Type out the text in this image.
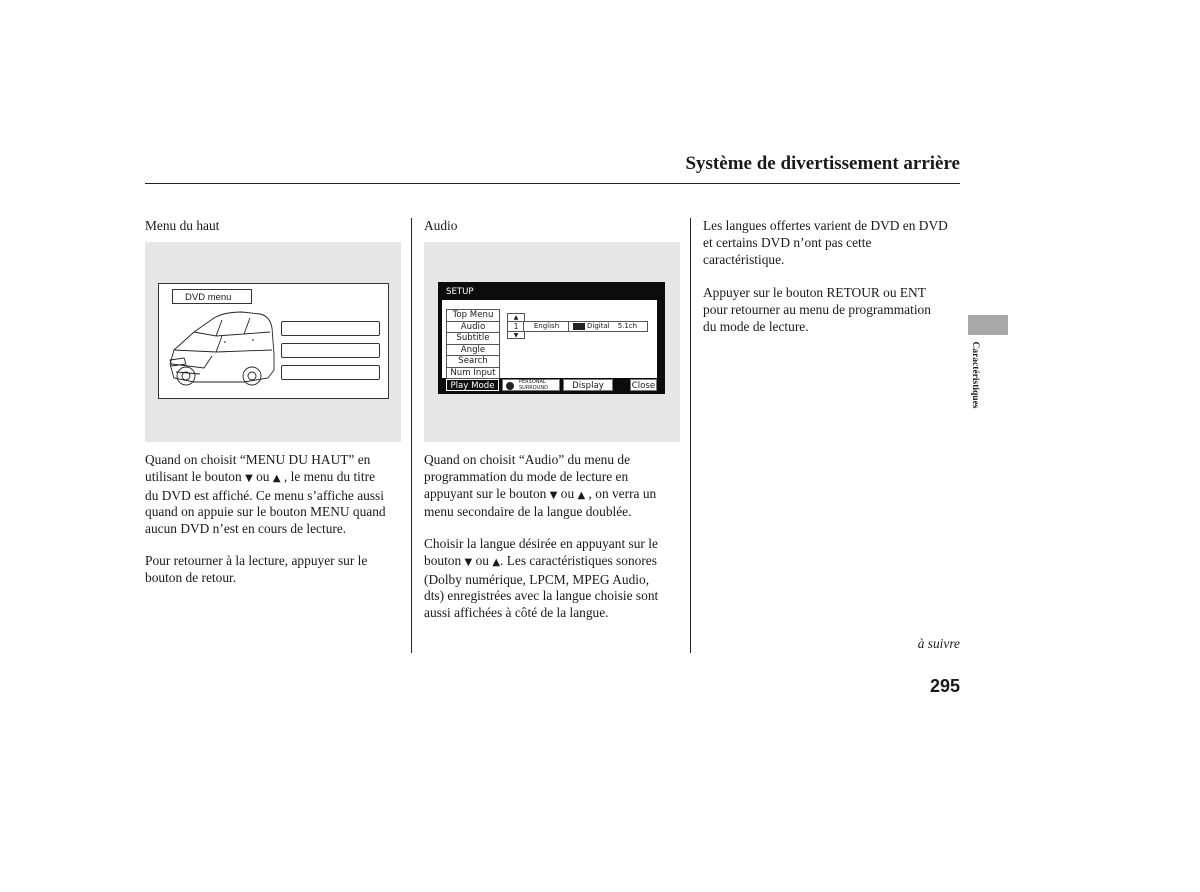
Système de divertissement arrière
Menu du haut
DVD menu
Quand on choisit “MENU DU HAUT” en
utilisant le bouton ▼ ou ▲ , le menu du titre
du DVD est affiché. Ce menu s’affiche aussi
quand on appuie sur le bouton MENU quand
aucun DVD n’est en cours de lecture.
Pour retourner à la lecture, appuyer sur le
bouton de retour.
Audio
SETUP
Top Menu
Audio
Subtitle
Angle
Search
Num Input
▲
1
▼
English	Digital 5.1ch
Play Mode	PERSONAL
SURROUND	Display	Close
Quand on choisit “Audio” du menu de
programmation du mode de lecture en
appuyant sur le bouton ▼ ou ▲ , on verra un
menu secondaire de la langue doublée.
Choisir la langue désirée en appuyant sur le
bouton ▼ ou ▲. Les caractéristiques sonores
(Dolby numérique, LPCM, MPEG Audio,
dts) enregistrées avec la langue choisie sont
aussi affichées à côté de la langue.
Les langues offertes varient de DVD en DVD
et certains DVD n’ont pas cette
caractéristique.
Appuyer sur le bouton RETOUR ou ENT
pour retourner au menu de programmation
du mode de lecture.
Caractéristiques
à suivre
295
